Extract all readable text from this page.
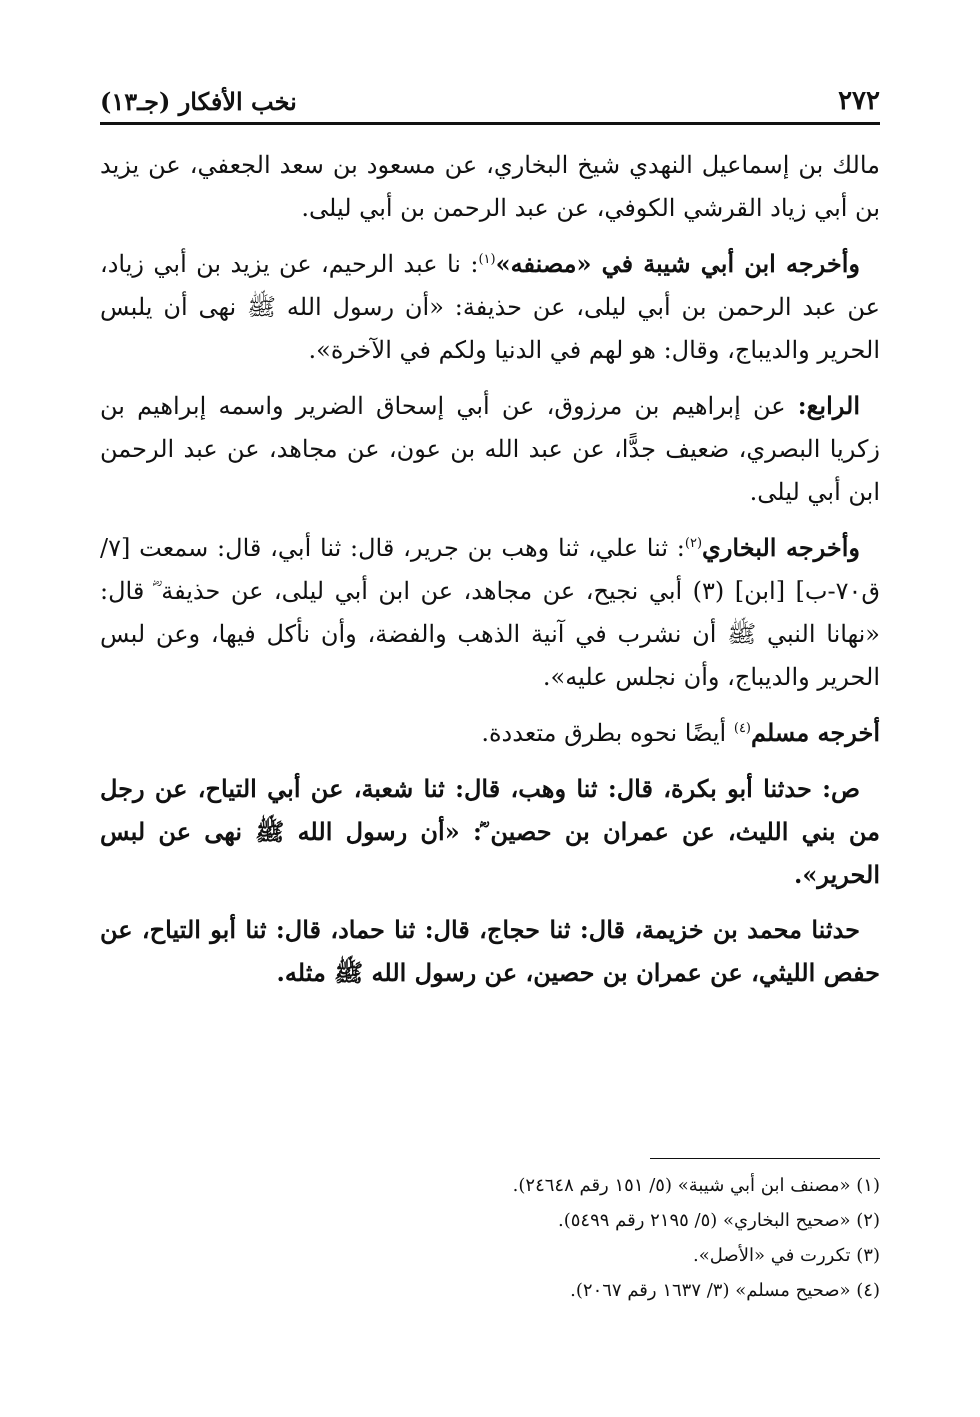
٢٧٢
نخب الأفكار (جـ١٣)

مالك بن إسماعيل النهدي شيخ البخاري، عن مسعود بن سعد الجعفي، عن يزيد بن أبي زياد القرشي الكوفي، عن عبد الرحمن بن أبي ليلى.

وأخرجه ابن أبي شيبة في «مصنفه»$^{(١)}$: نا عبد الرحيم، عن يزيد بن أبي زياد، عن عبد الرحمن بن أبي ليلى، عن حذيفة: «أن رسول الله ﷺ نهى أن يلبس الحرير والديباج، وقال: هو لهم في الدنيا ولكم في الآخرة».

الرابع: عن إبراهيم بن مرزوق، عن أبي إسحاق الضرير واسمه إبراهيم بن زكريا البصري، ضعيف جدًّا، عن عبد الله بن عون، عن مجاهد، عن عبد الرحمن ابن أبي ليلى.

وأخرجه البخاري$^{(٢)}$: ثنا علي، ثنا وهب بن جرير، قال: ثنا أبي، قال: سمعت [٧/ ق٧٠-ب] [ابن] (٣) أبي نجيح، عن مجاهد، عن ابن أبي ليلى، عن حذيفة ؓ قال: «نهانا النبي ﷺ أن نشرب في آنية الذهب والفضة، وأن نأكل فيها، وعن لبس الحرير والديباج، وأن نجلس عليه».

أخرجه مسلم$^{(٤)}$ أيضًا نحوه بطرق متعددة.

ص: حدثنا أبو بكرة، قال: ثنا وهب، قال: ثنا شعبة، عن أبي التياح، عن رجل من بني الليث، عن عمران بن حصين ؓ: «أن رسول الله ﷺ نهى عن لبس الحرير».

حدثنا محمد بن خزيمة، قال: ثنا حجاج، قال: ثنا حماد، قال: ثنا أبو التياح، عن حفص الليثي، عن عمران بن حصين، عن رسول الله ﷺ مثله.

(١) «مصنف ابن أبي شيبة» (٥/ ١٥١ رقم ٢٤٦٤٨).

(٢) «صحيح البخاري» (٥/ ٢١٩٥ رقم ٥٤٩٩).

(٣) تكررت في «الأصل».

(٤) «صحيح مسلم» (٣/ ١٦٣٧ رقم ٢٠٦٧).
